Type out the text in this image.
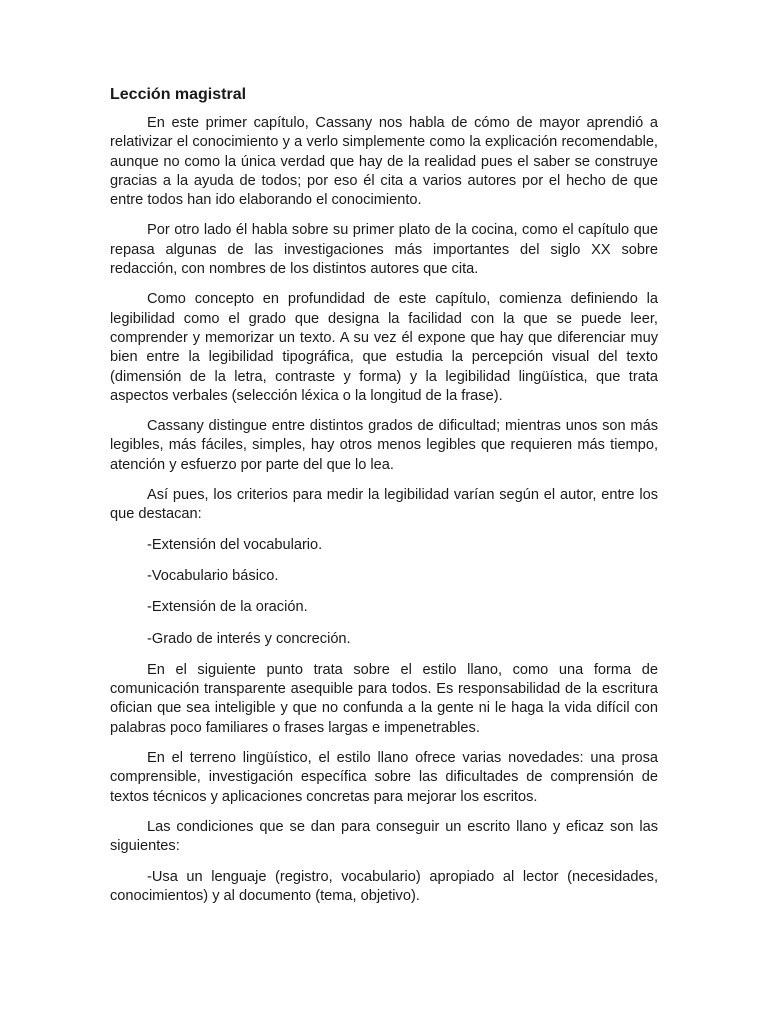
Lección magistral

En este primer capítulo, Cassany nos habla de cómo de mayor aprendió a relativizar el conocimiento y a verlo simplemente como la explicación recomendable, aunque no como la única verdad que hay de la realidad pues el saber se construye gracias a la ayuda de todos; por eso él cita a varios autores por el hecho de que entre todos han ido elaborando el conocimiento.

Por otro lado él habla sobre su primer plato de la cocina, como el capítulo que repasa algunas de las investigaciones más importantes del siglo XX sobre redacción, con nombres de los distintos autores que cita.

Como concepto en profundidad de este capítulo, comienza definiendo la legibilidad como el grado que designa la facilidad con la que se puede leer, comprender y memorizar un texto. A su vez él expone que hay que diferenciar muy bien entre la legibilidad tipográfica, que estudia la percepción visual del texto (dimensión de la letra, contraste y forma) y la legibilidad lingüística, que trata aspectos verbales (selección léxica o la longitud de la frase).

Cassany distingue entre distintos grados de dificultad; mientras unos son más legibles, más fáciles, simples, hay otros menos legibles que requieren más tiempo, atención y esfuerzo por parte del que lo lea.

Así pues, los criterios para medir la legibilidad varían según el autor, entre los que destacan:

-Extensión del vocabulario.
-Vocabulario básico.
-Extensión de la oración.
-Grado de interés y concreción.

En el siguiente punto trata sobre el estilo llano, como una forma de comunicación transparente asequible para todos. Es responsabilidad de la escritura ofician que sea inteligible y que no confunda a la gente ni le haga la vida difícil con palabras poco familiares o frases largas e impenetrables.

En el terreno lingüístico, el estilo llano ofrece varias novedades: una prosa comprensible, investigación específica sobre las dificultades de comprensión de textos técnicos y aplicaciones concretas para mejorar los escritos.

Las condiciones que se dan para conseguir un escrito llano y eficaz son las siguientes:

-Usa un lenguaje (registro, vocabulario) apropiado al lector (necesidades, conocimientos) y al documento (tema, objetivo).
